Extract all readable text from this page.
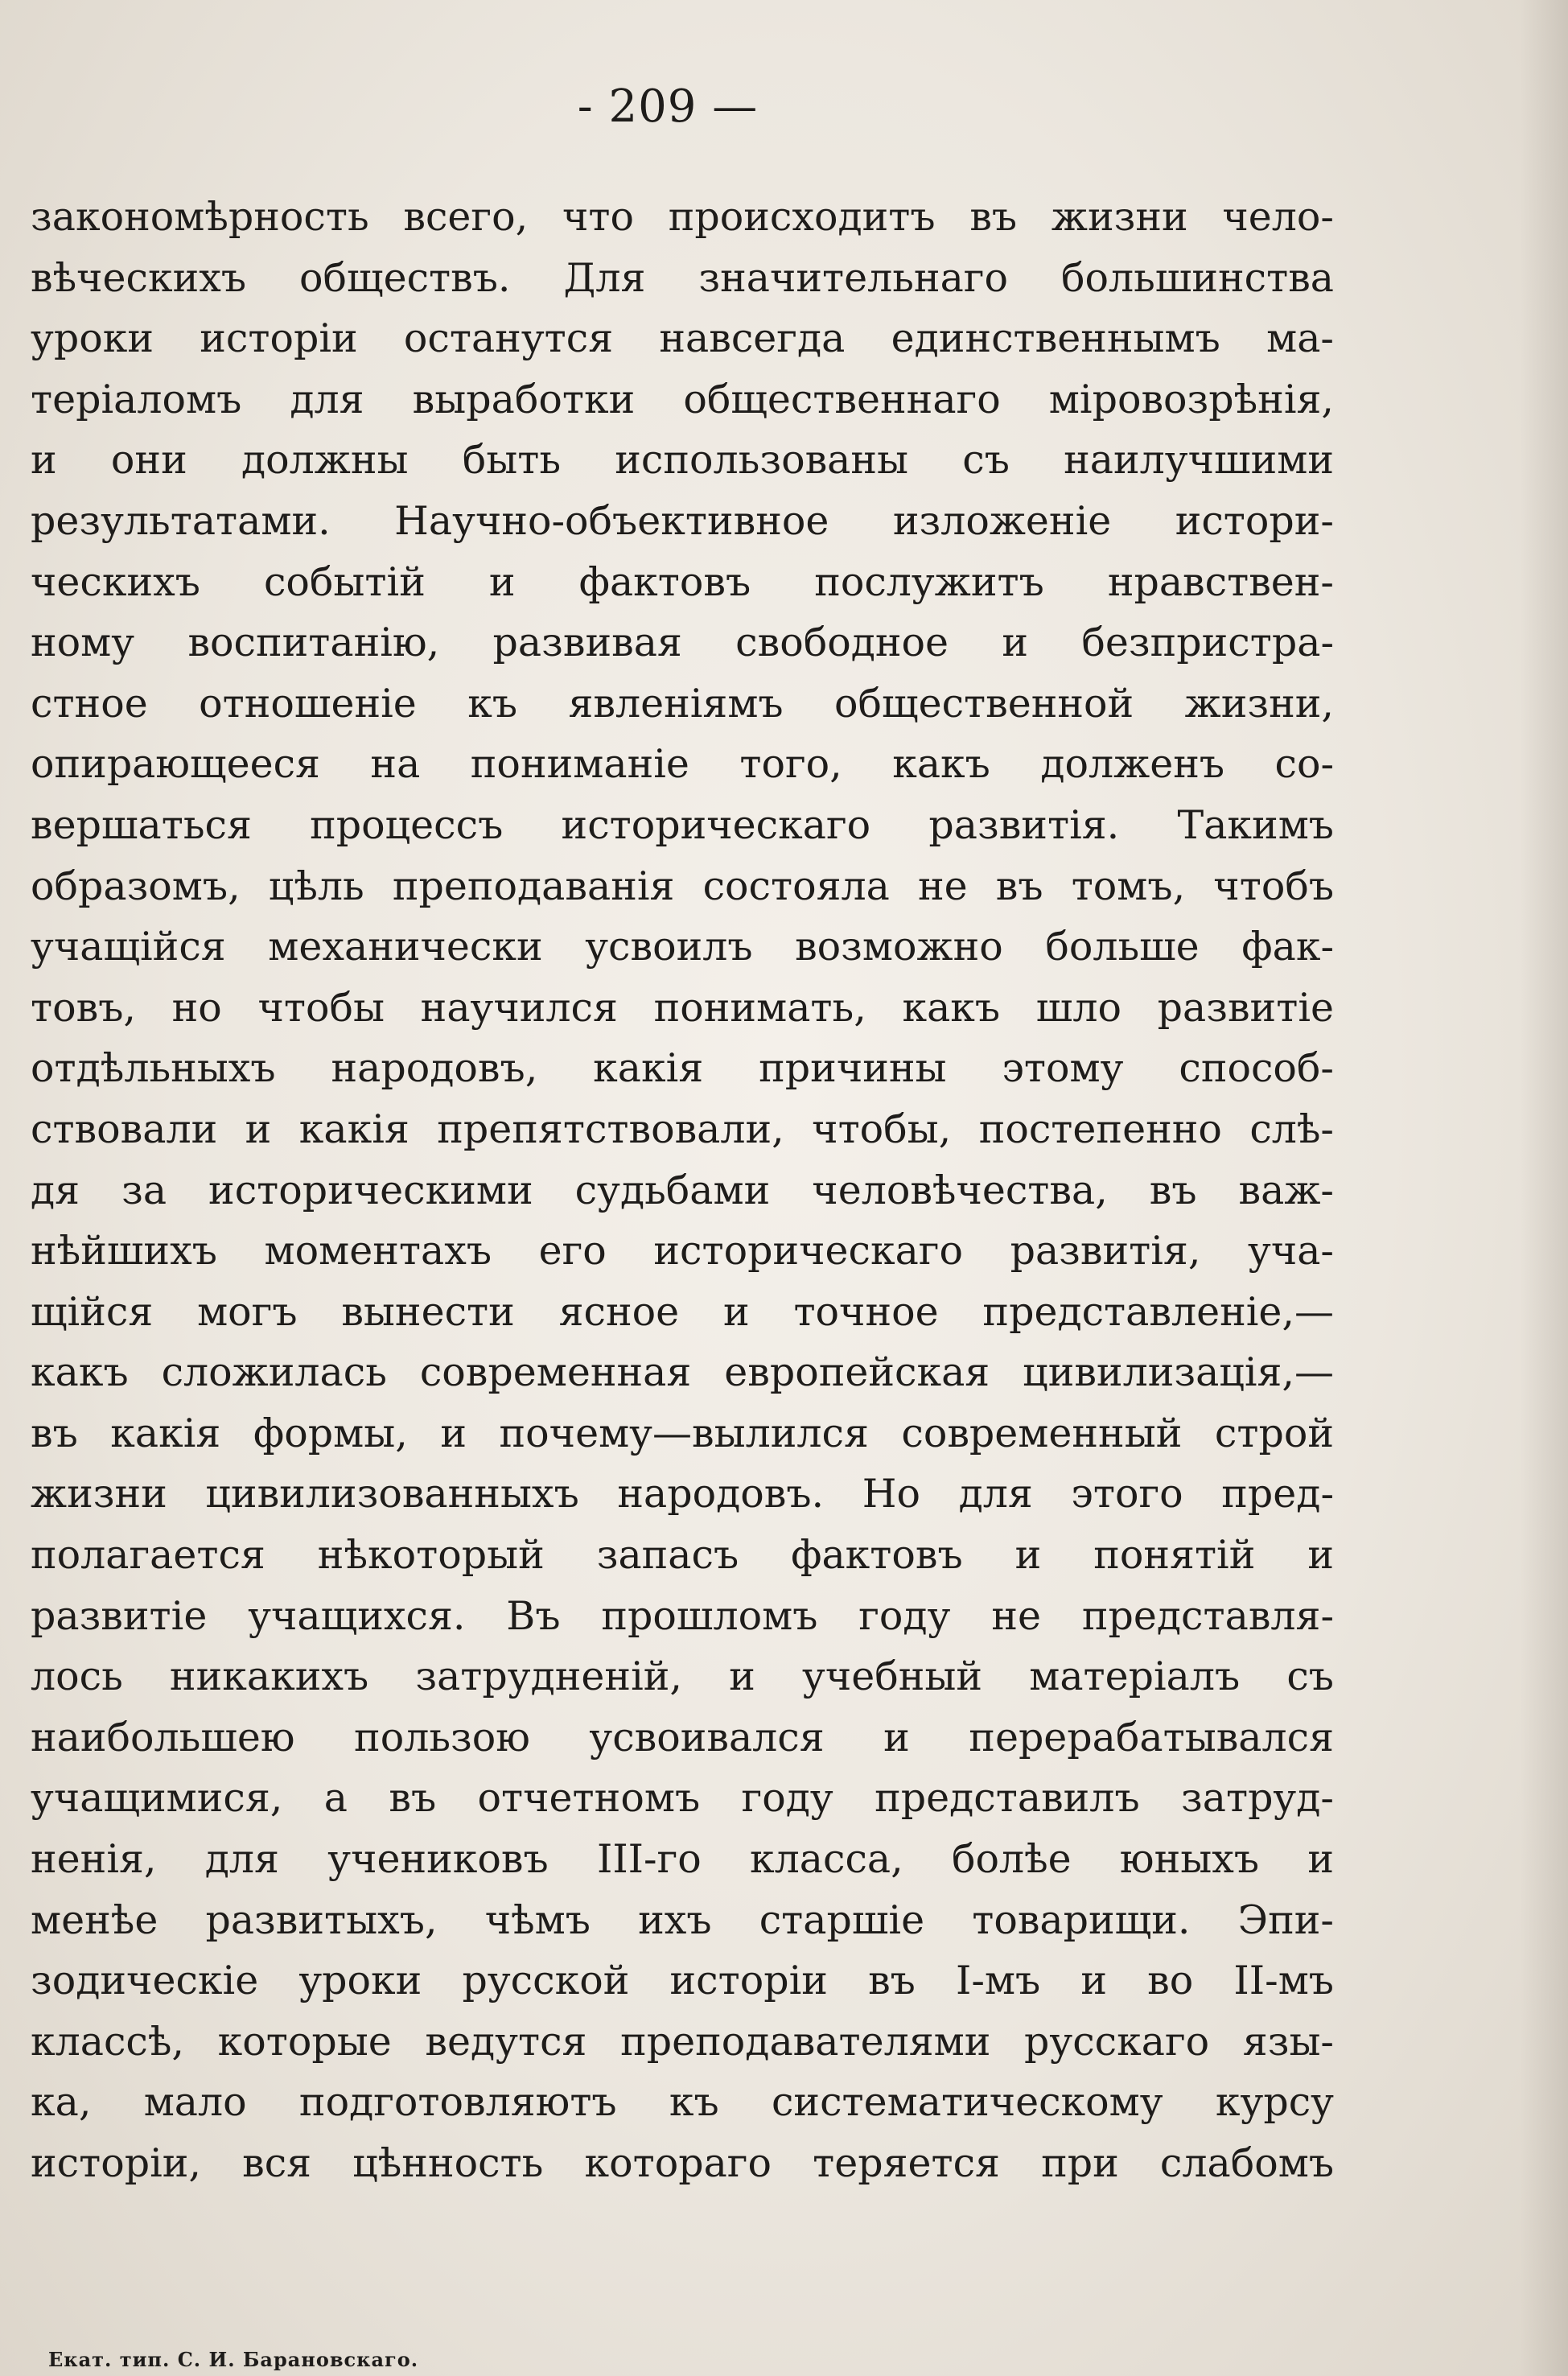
- 209 —
закономѣрность всего, что происходитъ въ жизни чело-
вѣческихъ обществъ. Для значительнаго большинства
уроки исторіи останутся навсегда единственнымъ ма-
теріаломъ для выработки общественнаго міровозрѣнія,
и они должны быть использованы съ наилучшими
результатами. Научно-объективное изложеніе истори-
ческихъ событій и фактовъ послужитъ нравствен-
ному воспитанію, развивая свободное и безпристра-
стное отношеніе къ явленіямъ общественной жизни,
опирающееся на пониманіе того, какъ долженъ со-
вершаться процессъ историческаго развитія. Такимъ
образомъ, цѣль преподаванія состояла не въ томъ, чтобъ
учащійся механически усвоилъ возможно больше фак-
товъ, но чтобы научился понимать, какъ шло развитіе
отдѣльныхъ народовъ, какія причины этому способ-
ствовали и какія препятствовали, чтобы, постепенно слѣ-
дя за историческими судьбами человѣчества, въ важ-
нѣйшихъ моментахъ его историческаго развитія, уча-
щійся могъ вынести ясное и точное представленіе,—
какъ сложилась современная европейская цивилизація,—
въ какія формы, и почему—вылился современный строй
жизни цивилизованныхъ народовъ. Но для этого пред-
полагается нѣкоторый запасъ фактовъ и понятій и
развитіе учащихся. Въ прошломъ году не представля-
лось никакихъ затрудненій, и учебный матеріалъ съ
наибольшею пользою усвоивался и перерабатывался
учащимися, а въ отчетномъ году представилъ затруд-
ненія, для учениковъ III-го класса, болѣе юныхъ и
менѣе развитыхъ, чѣмъ ихъ старшіе товарищи. Эпи-
зодическіе уроки русской исторіи въ I-мъ и во II-мъ
классѣ, которые ведутся преподавателями русскаго язы-
ка, мало подготовляютъ къ систематическому курсу
исторіи, вся цѣнность котораго теряется при слабомъ
Екат. тип. С. И. Барановскаго.
